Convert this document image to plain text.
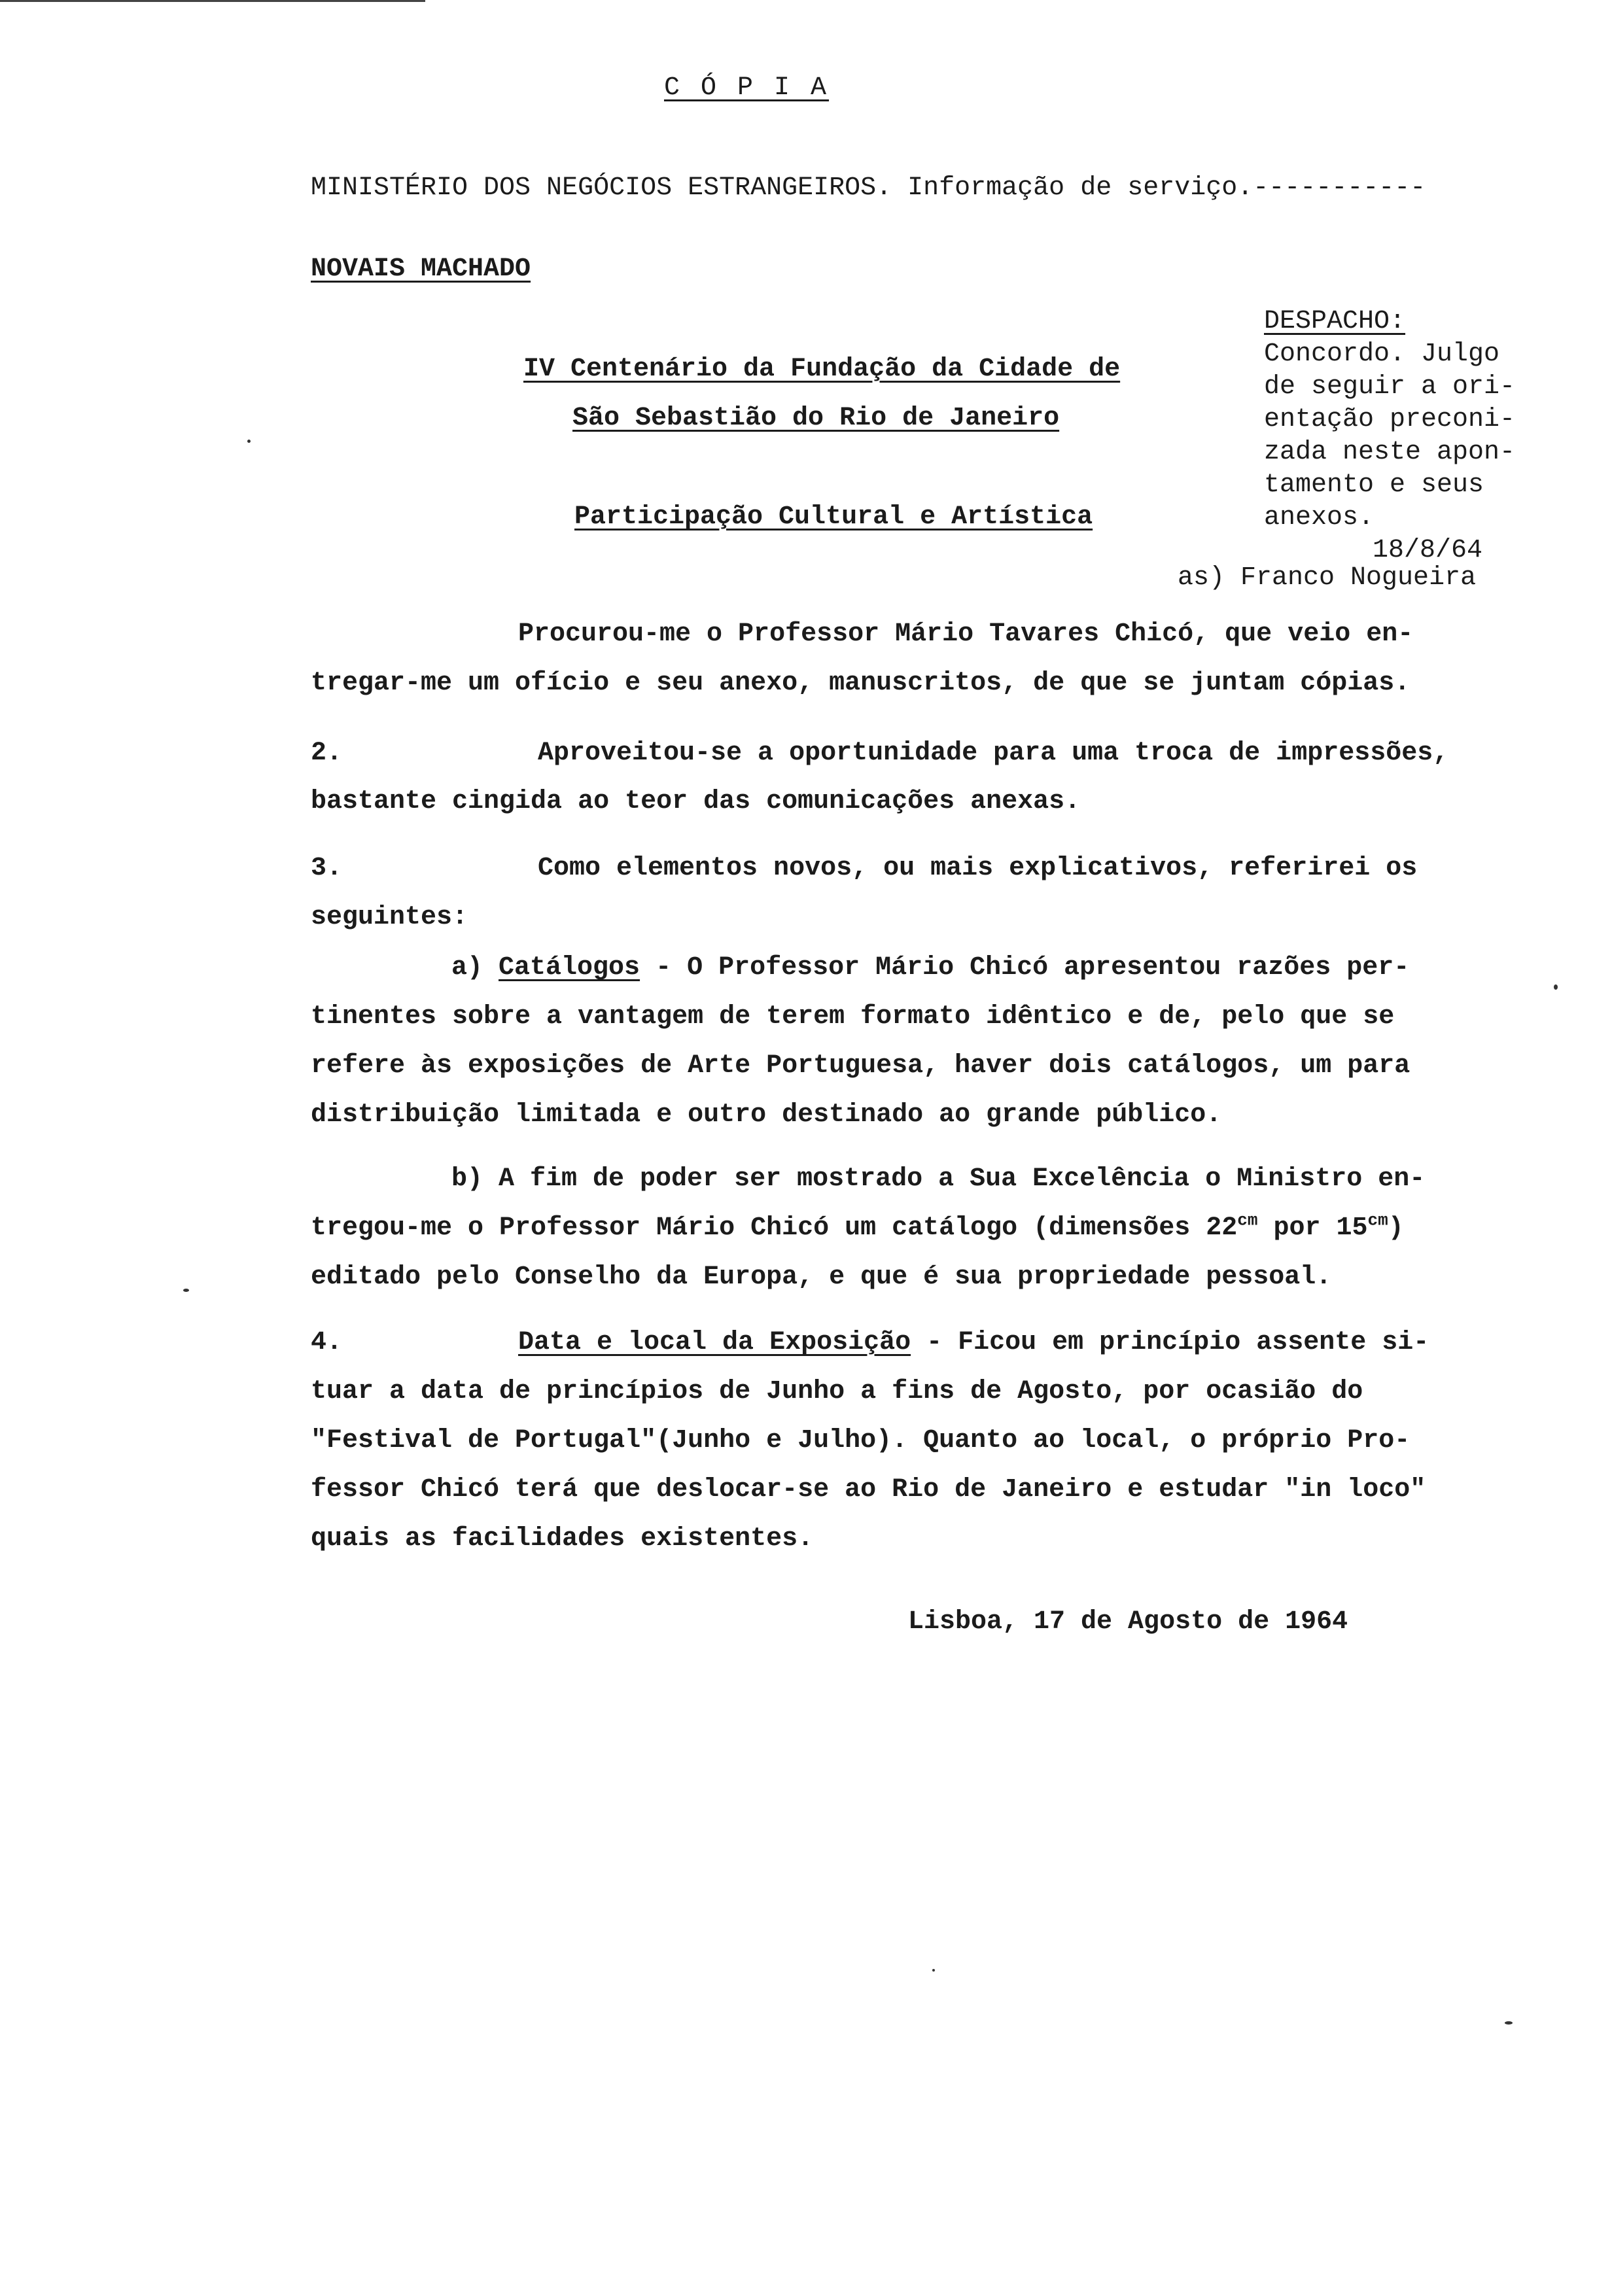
C Ó P I A
MINISTÉRIO DOS NEGÓCIOS ESTRANGEIROS. Informação de serviço.-----------
NOVAIS MACHADO
IV Centenário da Fundação da Cidade de
São Sebastião do Rio de Janeiro
Participação Cultural e Artística
DESPACHO:
Concordo. Julgo
de seguir a ori-
entação preconi-
zada neste apon-
tamento e seus
anexos.
18/8/64
as) Franco Nogueira
Procurou-me o Professor Mário Tavares Chicó, que veio en-
tregar-me um ofício e seu anexo, manuscritos, de que se juntam cópias.
2.	Aproveitou-se a oportunidade para uma troca de impressões,
bastante cingida ao teor das comunicações anexas.
3.	Como elementos novos, ou mais explicativos, referirei os
seguintes:
a) Catálogos - O Professor Mário Chicó apresentou razões per-
tinentes sobre a vantagem de terem formato idêntico e de, pelo que se
refere às exposições de Arte Portuguesa, haver dois catálogos, um para
distribuição limitada e outro destinado ao grande público.
b) A fim de poder ser mostrado a Sua Excelência o Ministro en-
tregou-me o Professor Mário Chicó um catálogo (dimensões $22^{cm}$ por $15^{cm}$)
editado pelo Conselho da Europa, e que é sua propriedade pessoal.
4.	Data e local da Exposição - Ficou em princípio assente si-
tuar a data de princípios de Junho a fins de Agosto, por ocasião do
"Festival de Portugal"(Junho e Julho). Quanto ao local, o próprio Pro-
fessor Chicó terá que deslocar-se ao Rio de Janeiro e estudar "in loco"
quais as facilidades existentes.
Lisboa, 17 de Agosto de 1964
